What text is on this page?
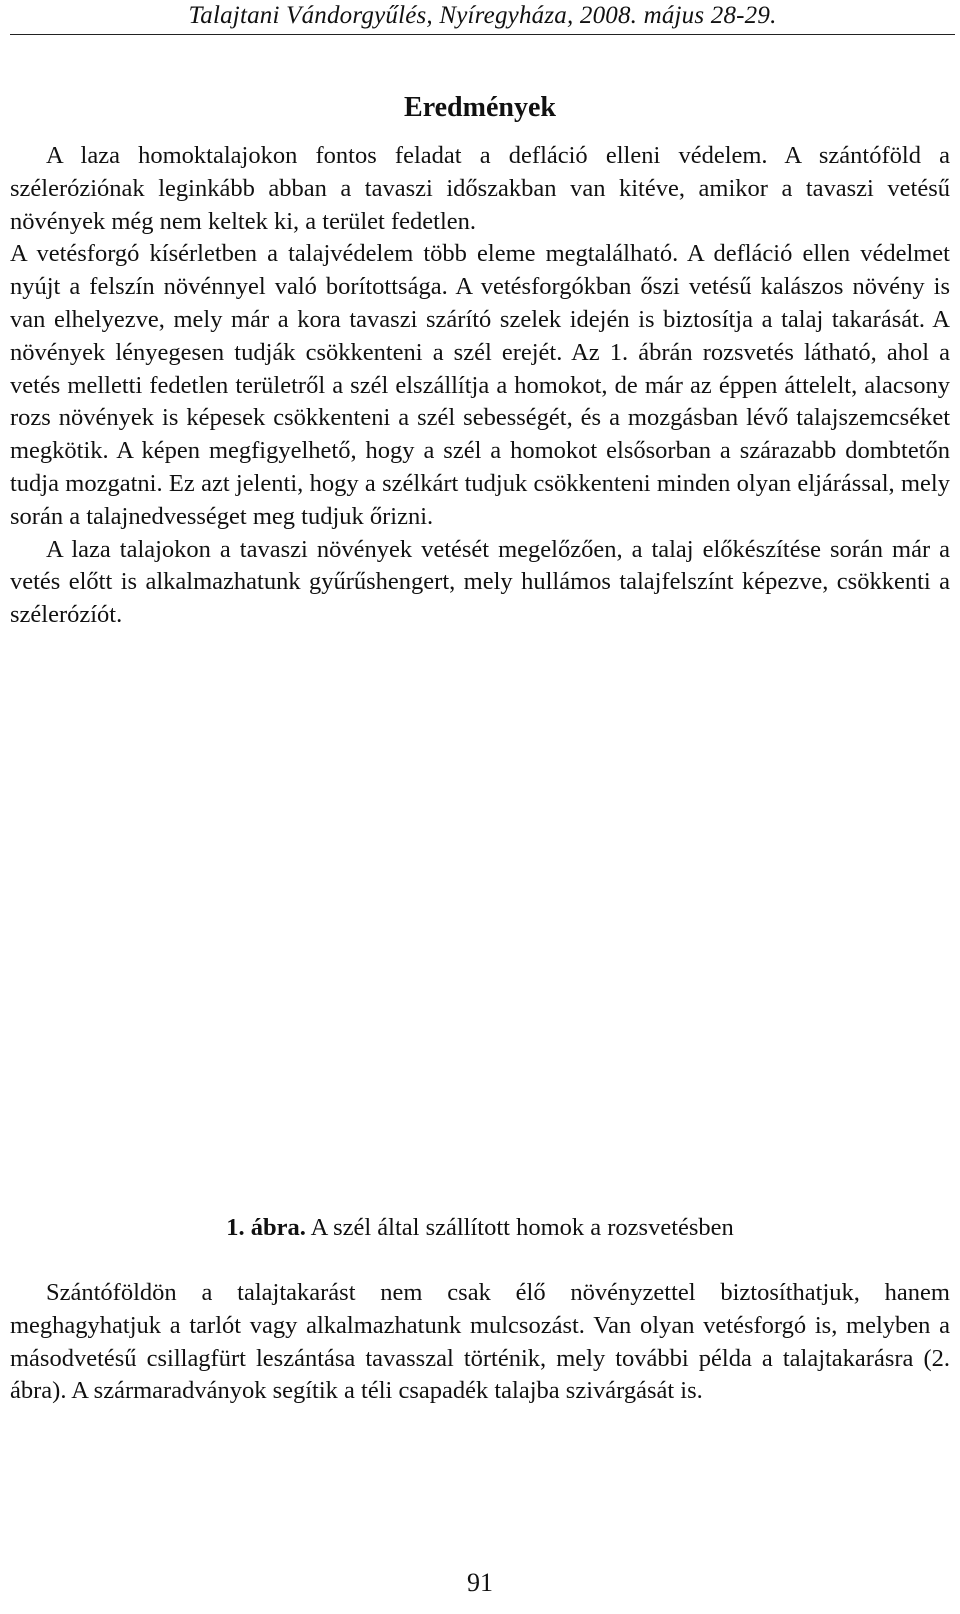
Talajtani Vándorgyűlés, Nyíregyháza, 2008. május 28-29.
Eredmények

A laza homoktalajokon fontos feladat a defláció elleni védelem. A szántóföld a széleróziónak leginkább abban a tavaszi időszakban van kitéve, amikor a tavaszi vetésű növények még nem keltek ki, a terület fedetlen.

A vetésforgó kísérletben a talajvédelem több eleme megtalálható. A defláció ellen védelmet nyújt a felszín növénnyel való borítottsága. A vetésforgókban őszi vetésű kalászos növény is van elhelyezve, mely már a kora tavaszi szárító szelek idején is biztosítja a talaj takarását. A növények lényegesen tudják csökkenteni a szél erejét. Az 1. ábrán rozsvetés látható, ahol a vetés melletti fedetlen területről a szél elszállítja a homokot, de már az éppen áttelelt, alacsony rozs növények is képesek csökkenteni a szél sebességét, és a mozgásban lévő talajszemcséket megkötik. A képen megfigyelhető, hogy a szél a homokot elsősorban a szárazabb dombtetőn tudja mozgatni. Ez azt jelenti, hogy a szélkárt tudjuk csökkenteni minden olyan eljárással, mely során a talajnedvességet meg tudjuk őrizni.

A laza talajokon a tavaszi növények vetését megelőzően, a talaj előkészítése során már a vetés előtt is alkalmazhatunk gyűrűshengert, mely hullámos talajfelszínt képezve, csökkenti a szélerózíót.

1. ábra. A szél által szállított homok a rozsvetésben

Szántóföldön a talajtakarást nem csak élő növényzettel biztosíthatjuk, hanem meghagyhatjuk a tarlót vagy alkalmazhatunk mulcsozást. Van olyan vetésforgó is, melyben a másodvetésű csillagfürt leszántása tavasszal történik, mely további példa a talajtakarásra (2. ábra). A szármaradványok segítik a téli csapadék talajba szivárgását is.

91
